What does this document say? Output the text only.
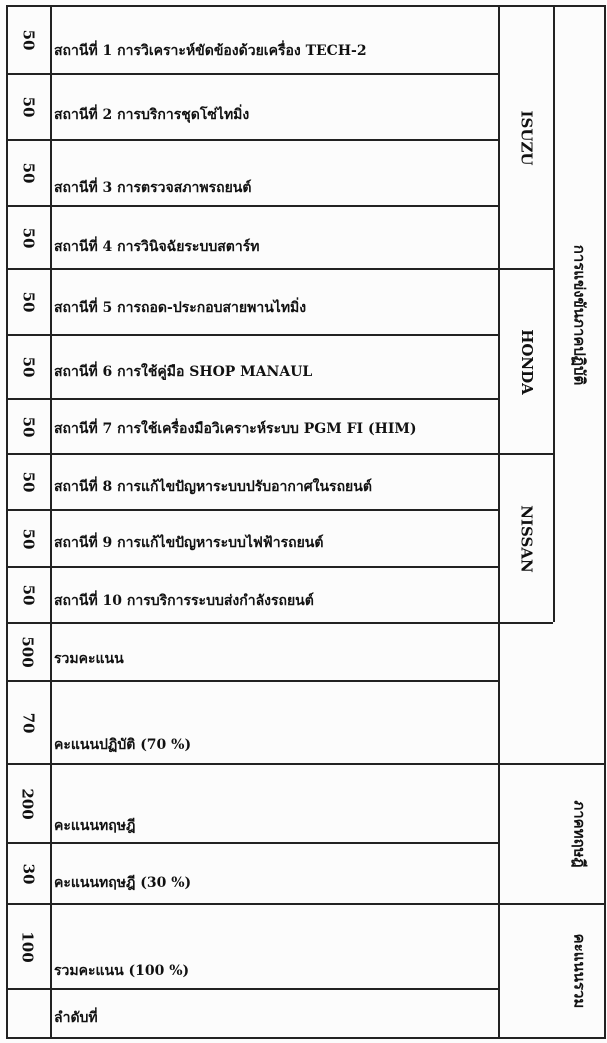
50
สถานีที่ 1 การวิเคราะห์ขัดข้องด้วยเครื่อง TECH-2
50 สถานีที่ 2 การบริการชุดโซ่ไทมิ่ง
50
สถานีที่ 3 การตรวจสภาพรถยนต์
50 สถานีที่ 4 การวินิจฉัยระบบสตาร์ท
50 สถานีที่ 5 การถอด-ประกอบสายพานไทมิ่ง
50 สถานีที่ 6 การใช้คู่มือ SHOP MANAUL
50 สถานีที่ 7 การใช้เครื่องมือวิเคราะห์ระบบ PGM FI (HIM)
50 สถานีที่ 8 การแก้ไขปัญหาระบบปรับอากาศในรถยนต์
50 สถานีที่ 9 การแก้ไขปัญหาระบบไฟฟ้ารถยนต์
50 สถานีที่ 10 การบริการระบบส่งกำลังรถยนต์
500 รวมคะแนน
70
คะแนนปฏิบัติ (70 %)
200
คะแนนทฤษฎี
30 คะแนนทฤษฎี (30 %)
100
รวมคะแนน (100 %)
ลำดับที่
ISUZU
HONDA
NISSAN
การแข่งขันภาคปฏิบัติ
ภาคทฤษฎี
คะแนนรวม
